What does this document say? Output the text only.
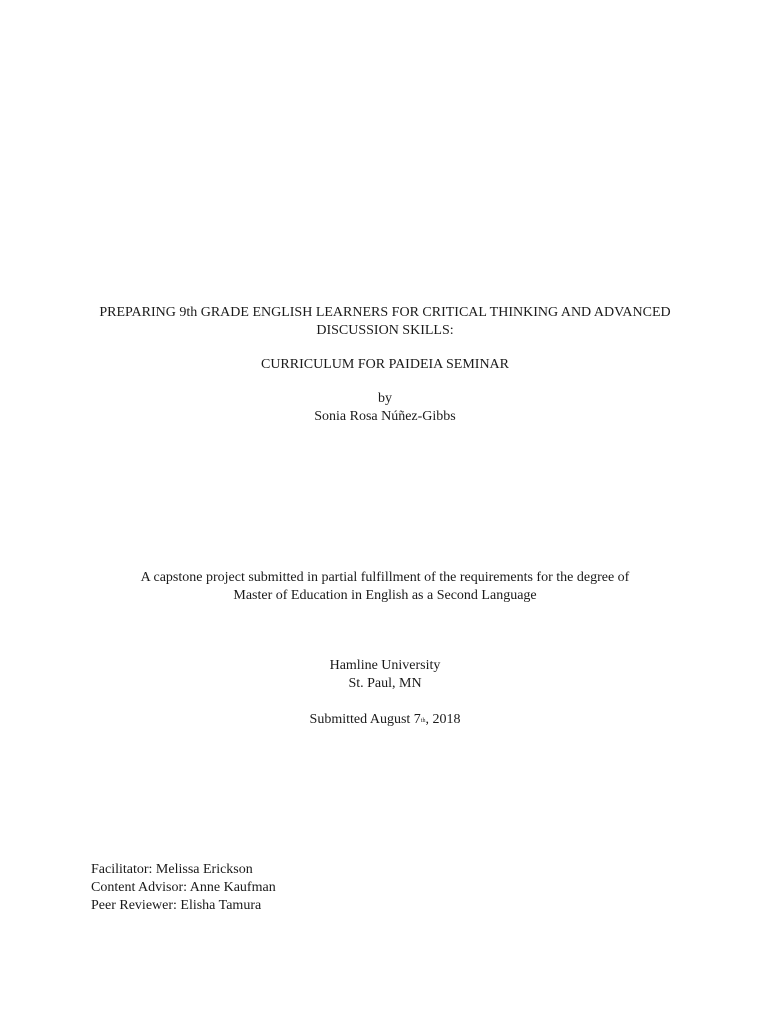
PREPARING 9th GRADE ENGLISH LEARNERS FOR CRITICAL THINKING AND ADVANCED
DISCUSSION SKILLS:
CURRICULUM FOR PAIDEIA SEMINAR
by
Sonia Rosa Núñez-Gibbs
A capstone project submitted in partial fulfillment of the requirements for the degree of
Master of Education in English as a Second Language
Hamline University
St. Paul, MN
Submitted August 7th, 2018
Facilitator: Melissa Erickson
Content Advisor: Anne Kaufman
Peer Reviewer: Elisha Tamura
